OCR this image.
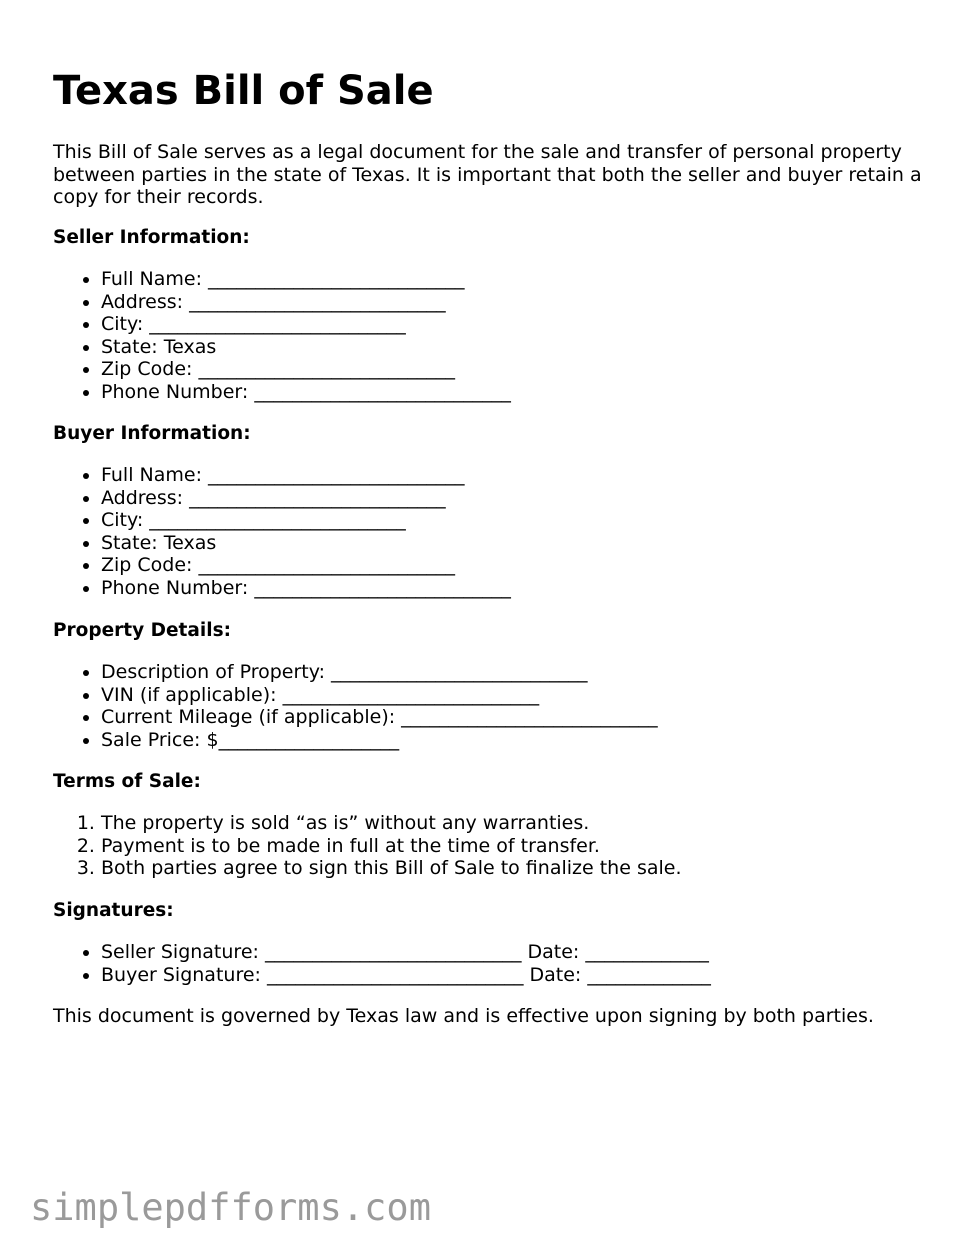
Texas Bill of Sale

This Bill of Sale serves as a legal document for the sale and transfer of personal property between parties in the state of Texas. It is important that both the seller and buyer retain a copy for their records.

Seller Information:
• Full Name: ___________________________
• Address: ___________________________
• City: ___________________________
• State: Texas
• Zip Code: ___________________________
• Phone Number: ___________________________
Buyer Information:
• Full Name: ___________________________
• Address: ___________________________
• City: ___________________________
• State: Texas
• Zip Code: ___________________________
• Phone Number: ___________________________
Property Details:
• Description of Property: ___________________________
• VIN (if applicable): ___________________________
• Current Mileage (if applicable): ___________________________
• Sale Price: $___________________
Terms of Sale:
1. The property is sold “as is” without any warranties.
2. Payment is to be made in full at the time of transfer.
3. Both parties agree to sign this Bill of Sale to ﬁnalize the sale.
Signatures:
• Seller Signature: ___________________________ Date: _____________
• Buyer Signature: ___________________________ Date: _____________

This document is governed by Texas law and is effective upon signing by both parties.

simplepdfforms.com
